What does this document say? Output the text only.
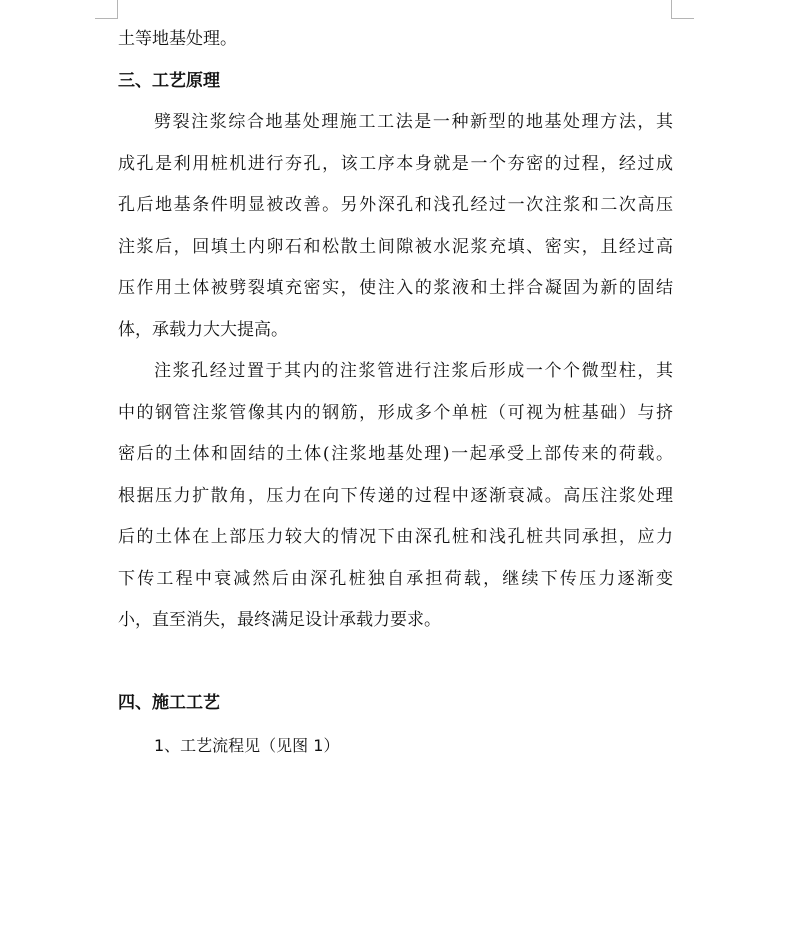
土等地基处理。
三、工艺原理
劈裂注浆综合地基处理施工工法是一种新型的地基处理方法，其
成孔是利用桩机进行夯孔，该工序本身就是一个夯密的过程，经过成
孔后地基条件明显被改善。另外深孔和浅孔经过一次注浆和二次高压
注浆后，回填土内卵石和松散土间隙被水泥浆充填、密实，且经过高
压作用土体被劈裂填充密实，使注入的浆液和土拌合凝固为新的固结
体，承载力大大提高。
注浆孔经过置于其内的注浆管进行注浆后形成一个个微型柱，其
中的钢管注浆管像其内的钢筋，形成多个单桩（可视为桩基础）与挤
密后的土体和固结的土体(注浆地基处理)一起承受上部传来的荷载。
根据压力扩散角，压力在向下传递的过程中逐渐衰减。高压注浆处理
后的土体在上部压力较大的情况下由深孔桩和浅孔桩共同承担，应力
下传工程中衰减然后由深孔桩独自承担荷载，继续下传压力逐渐变
小，直至消失，最终满足设计承载力要求。
四、施工工艺
1、工艺流程见（见图 1）
